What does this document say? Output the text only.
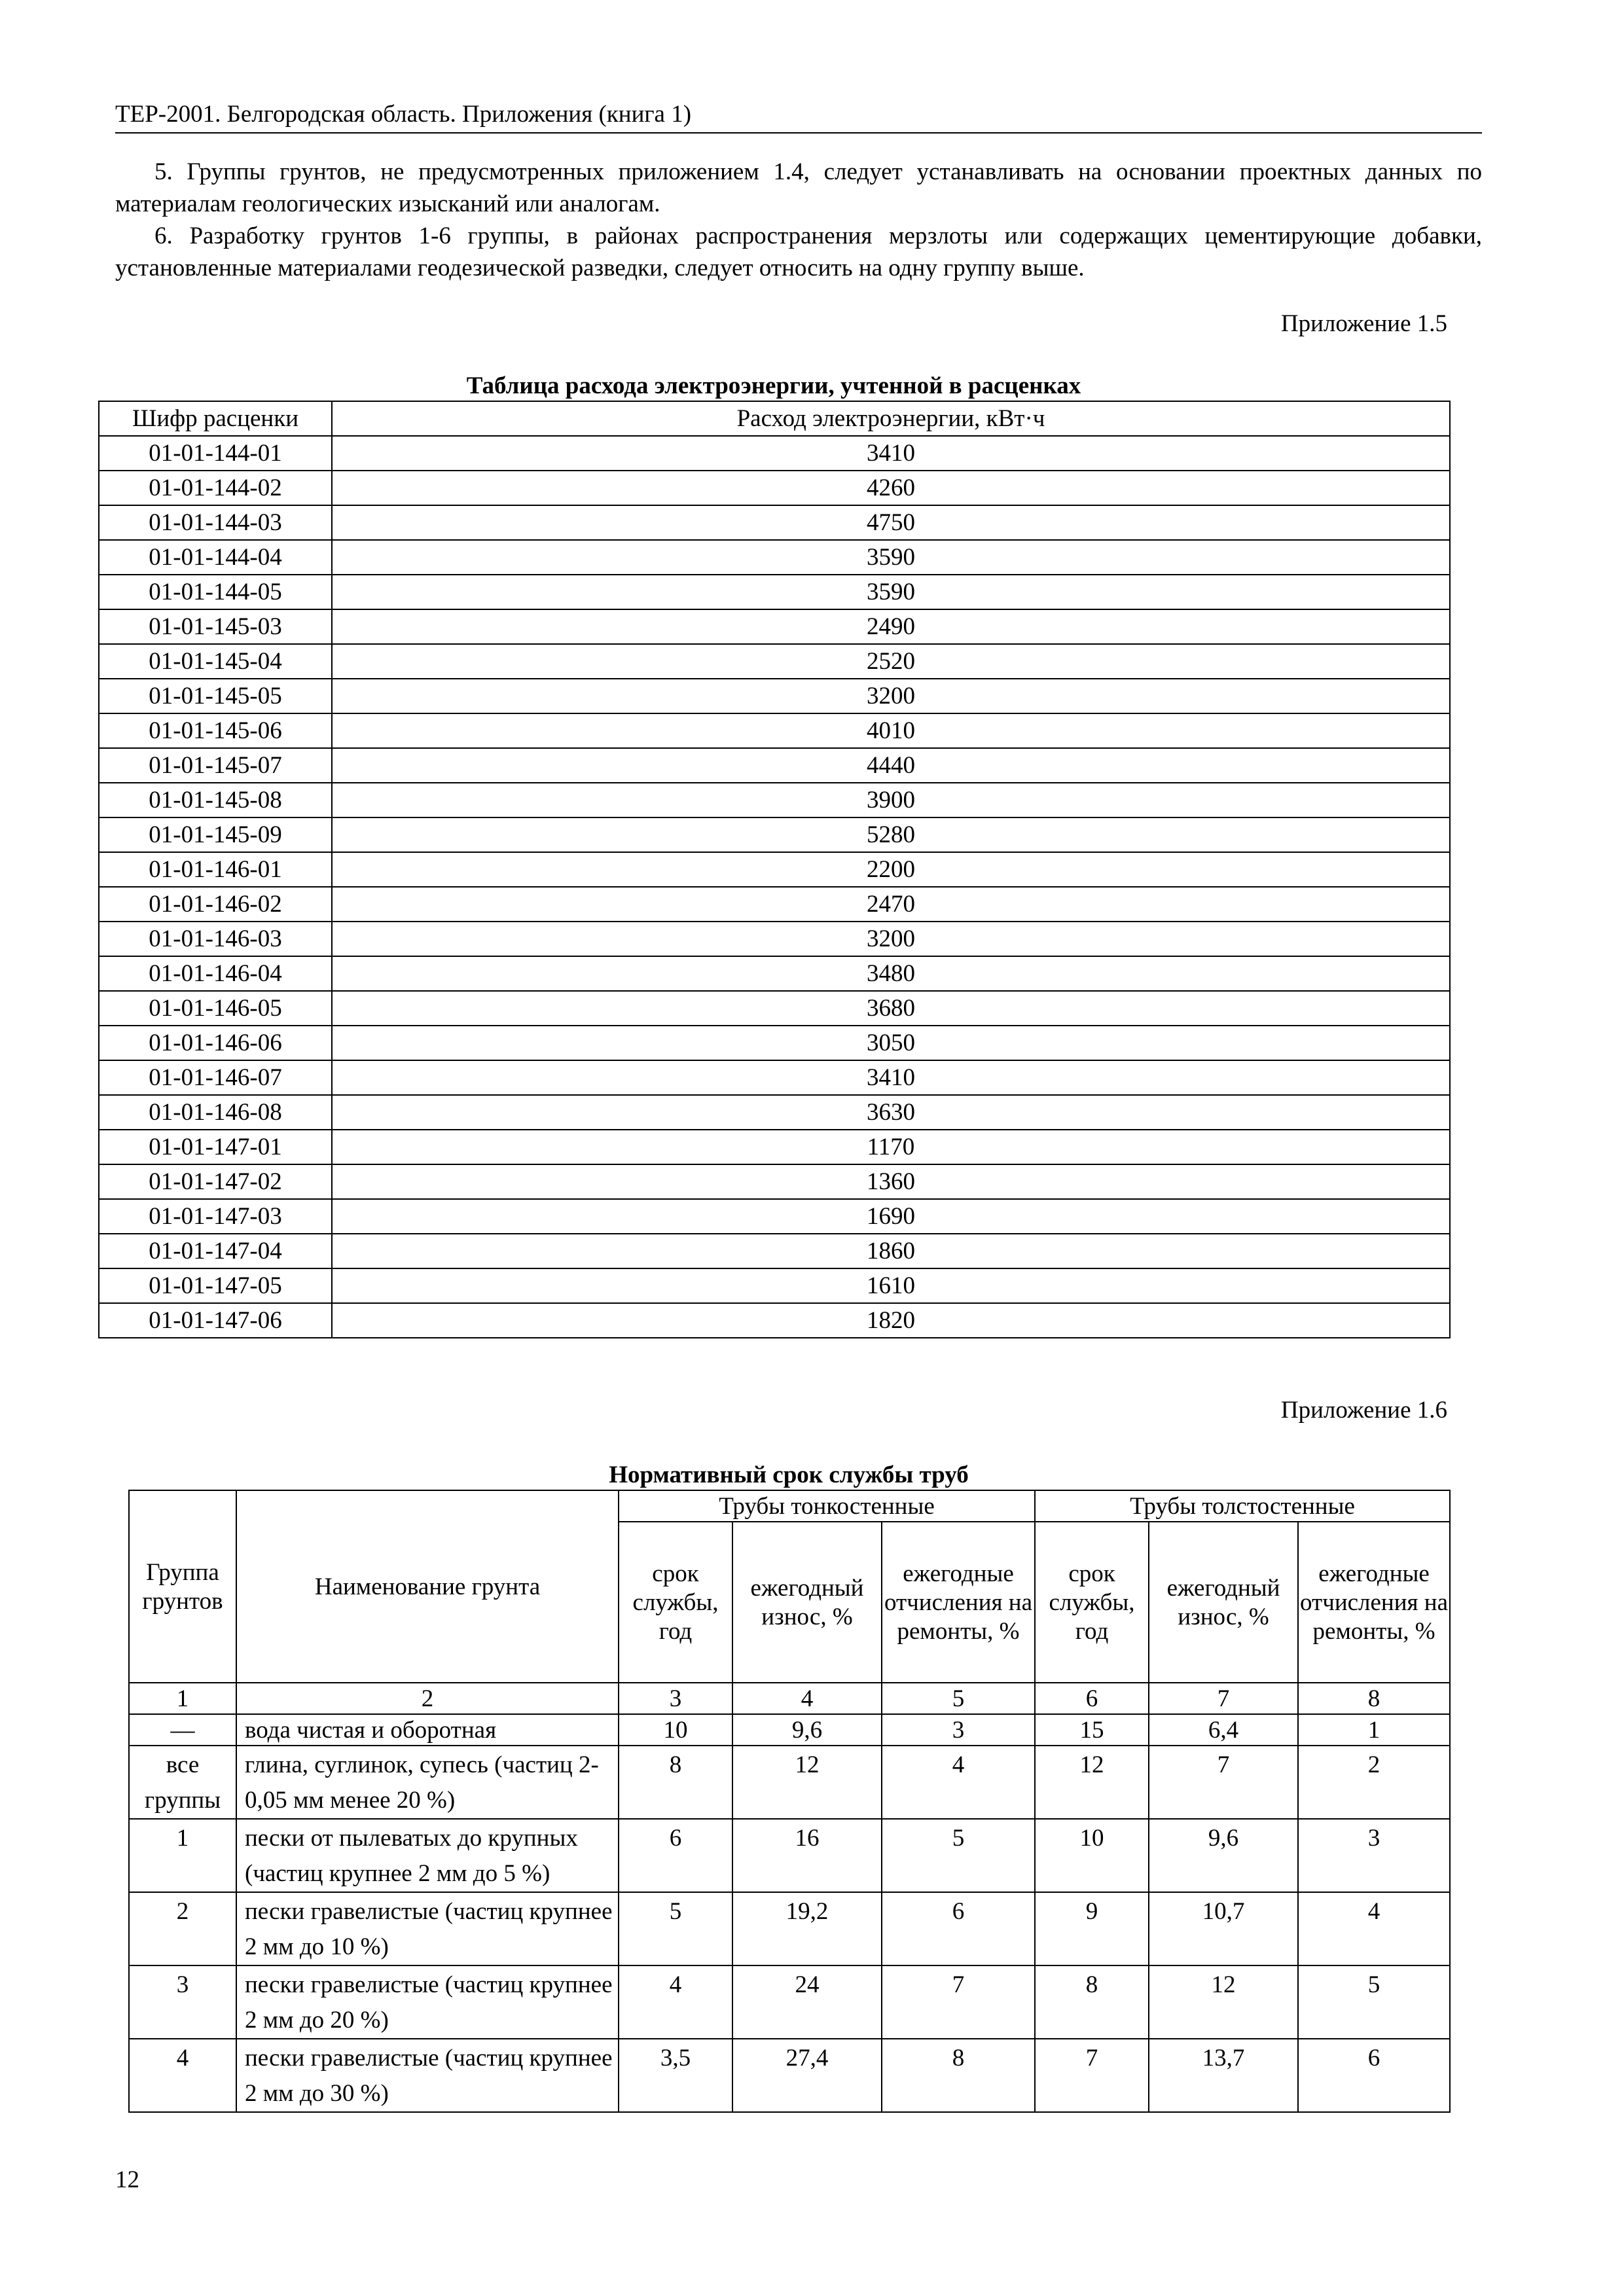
ТЕР-2001. Белгородская область. Приложения (книга 1)

5. Группы грунтов, не предусмотренных приложением 1.4, следует устанавливать на основании проектных данных по материалам геологических изысканий или аналогам.

6. Разработку грунтов 1-6 группы, в районах распространения мерзлоты или содержащих цементирующие добавки, установленные материалами геодезической разведки, следует относить на одну группу выше.

Приложение 1.5
Таблица расхода электроэнергии, учтенной в расценках
Шифр расценки	Расход электроэнергии, кВт·ч
01-01-144-01	3410
01-01-144-02	4260
01-01-144-03	4750
01-01-144-04	3590
01-01-144-05	3590
01-01-145-03	2490
01-01-145-04	2520
01-01-145-05	3200
01-01-145-06	4010
01-01-145-07	4440
01-01-145-08	3900
01-01-145-09	5280
01-01-146-01	2200
01-01-146-02	2470
01-01-146-03	3200
01-01-146-04	3480
01-01-146-05	3680
01-01-146-06	3050
01-01-146-07	3410
01-01-146-08	3630
01-01-147-01	1170
01-01-147-02	1360
01-01-147-03	1690
01-01-147-04	1860
01-01-147-05	1610
01-01-147-06	1820
Приложение 1.6
Нормативный срок службы труб
Группа грунтов	Наименование грунта	Трубы тонкостенные			Трубы толстостенные		
		срок службы, год	ежегодный износ, %	ежегодные отчисления на ремонты, %	срок службы, год	ежегодный износ, %	ежегодные отчисления на ремонты, %
1	2	3	4	5	6	7	8
—	вода чистая и оборотная	10	9,6	3	15	6,4	1
все группы	глина, суглинок, супесь (частиц 2-0,05 мм менее 20 %)	8	12	4	12	7	2
1	пески от пылеватых до крупных (частиц крупнее 2 мм до 5 %)	6	16	5	10	9,6	3
2	пески гравелистые (частиц крупнее 2 мм до 10 %)	5	19,2	6	9	10,7	4
3	пески гравелистые (частиц крупнее 2 мм до 20 %)	4	24	7	8	12	5
4	пески гравелистые (частиц крупнее 2 мм до 30 %)	3,5	27,4	8	7	13,7	6
12
